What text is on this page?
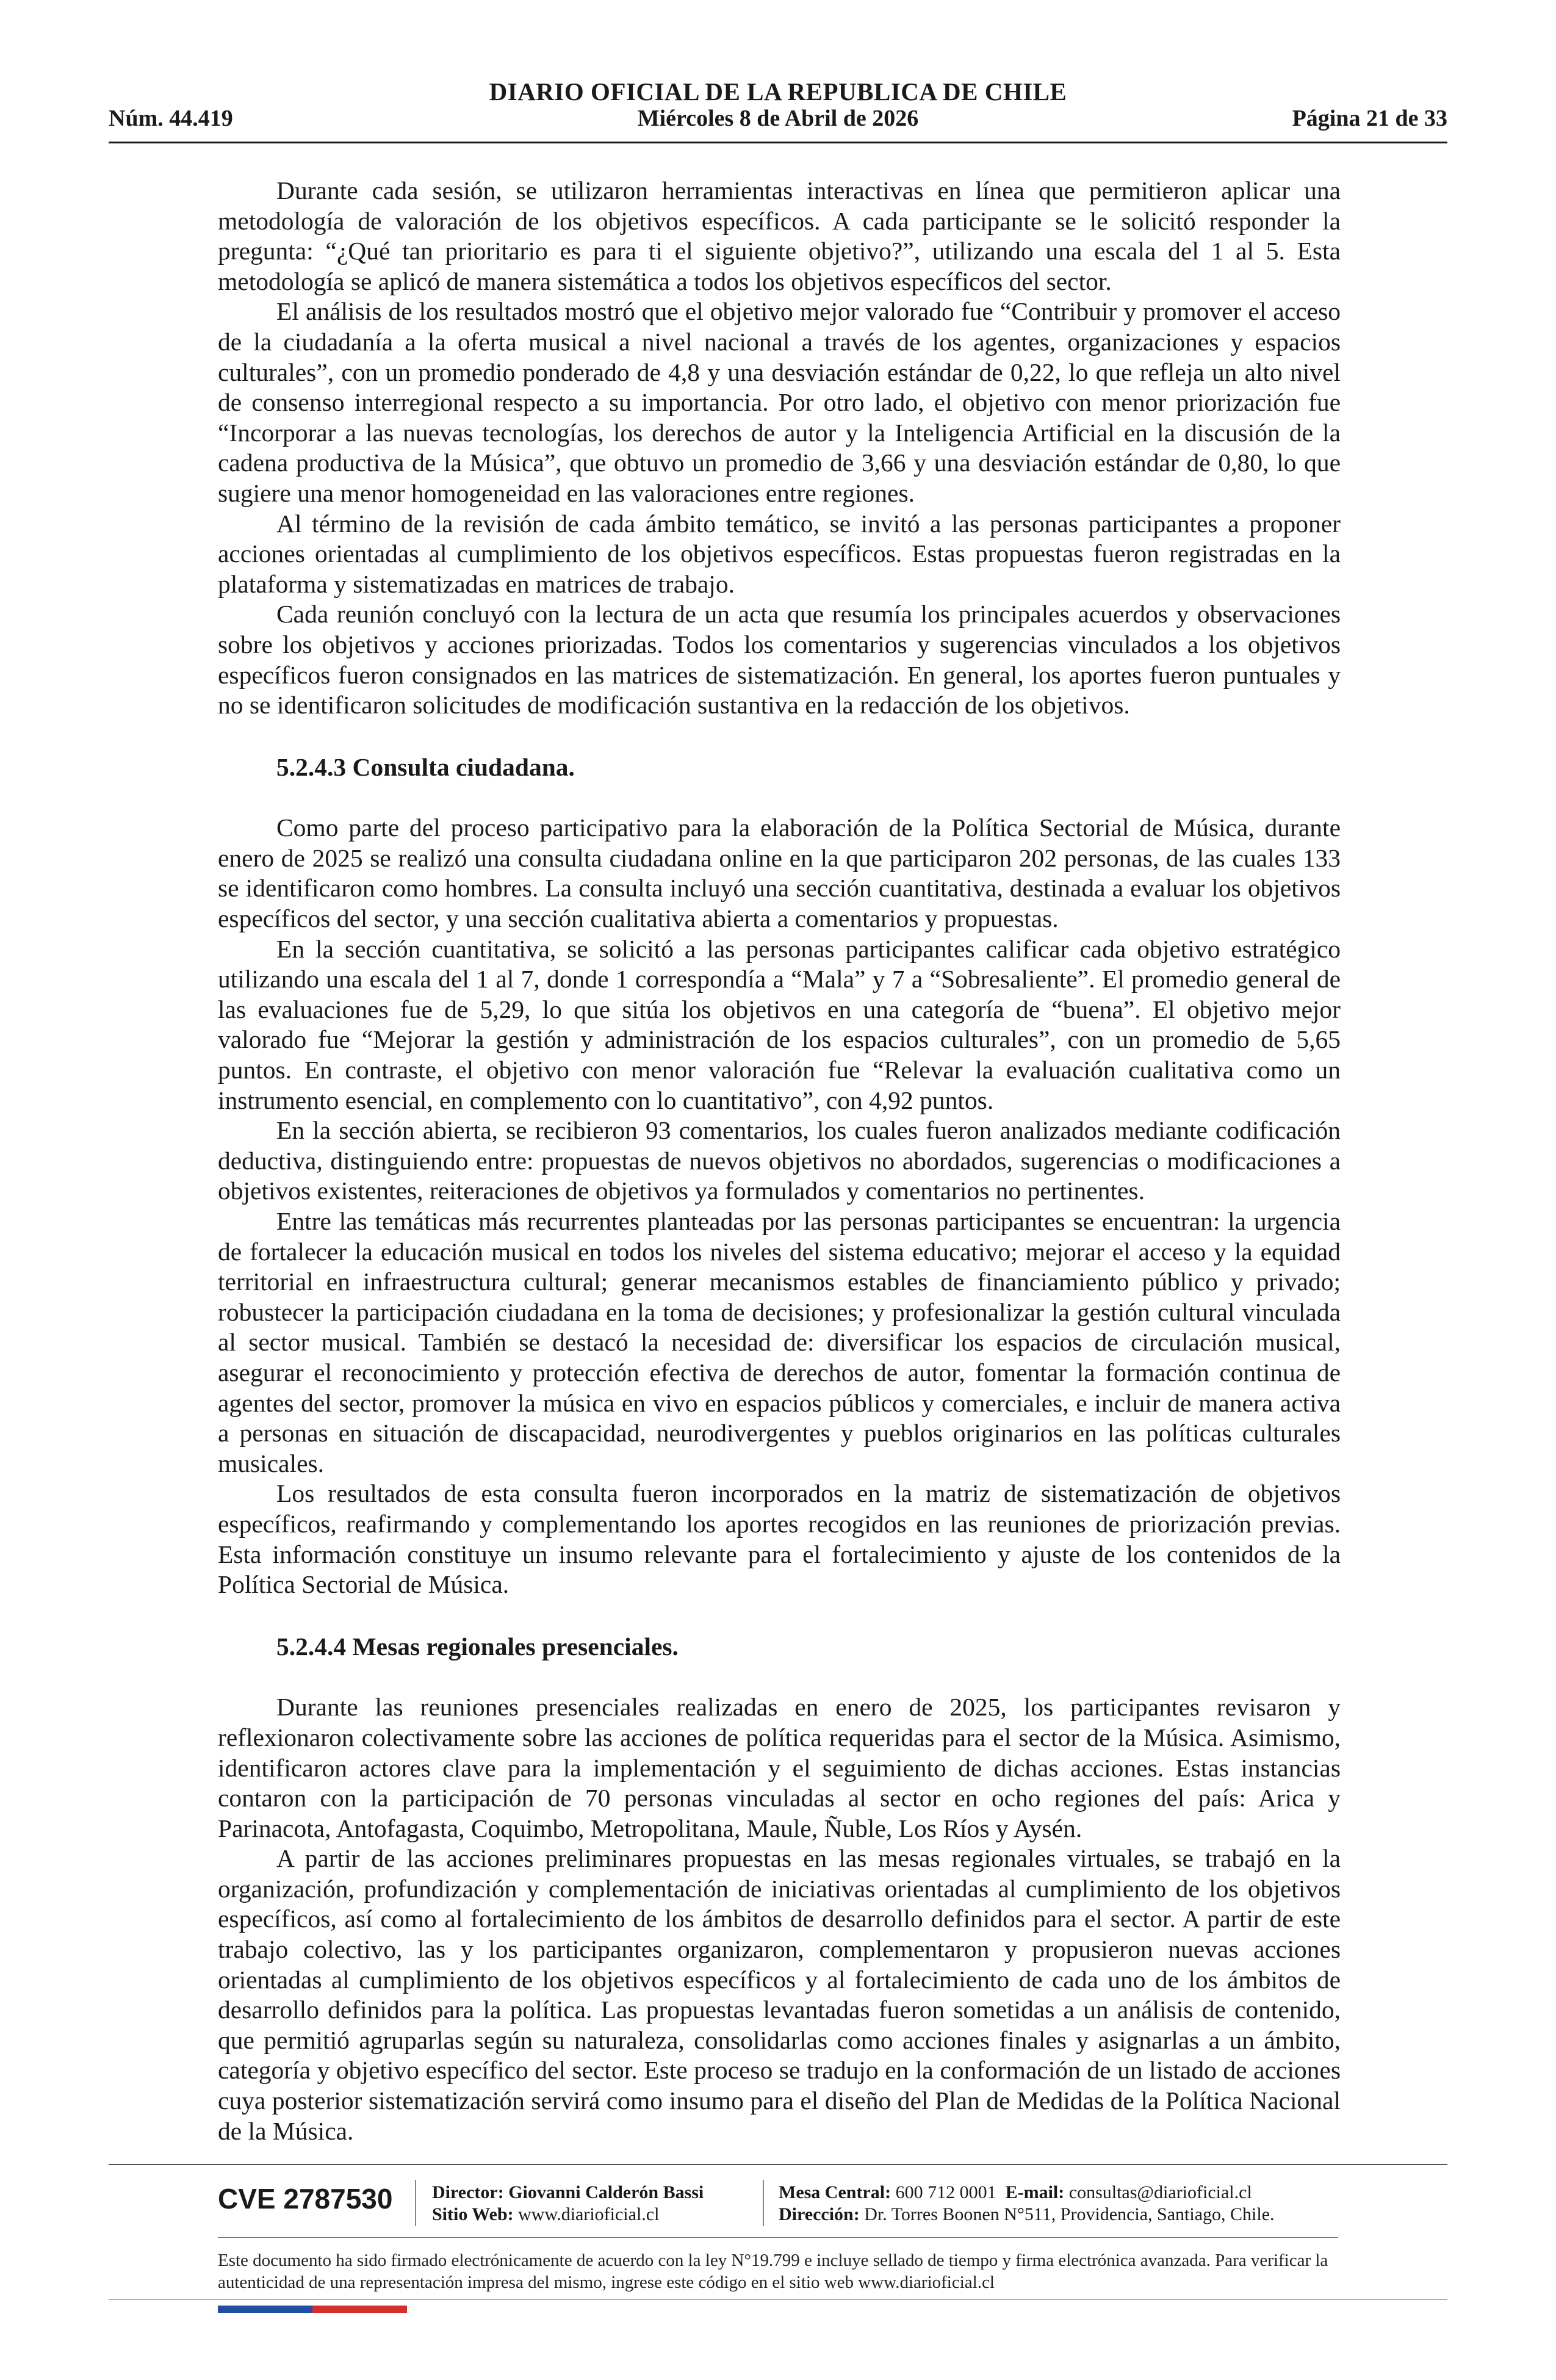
DIARIO OFICIAL DE LA REPUBLICA DE CHILE
Núm. 44.419	Miércoles 8 de Abril de 2026	Página 21 de 33

Durante cada sesión, se utilizaron herramientas interactivas en línea que permitieron aplicar una metodología de valoración de los objetivos específicos. A cada participante se le solicitó responder la pregunta: “¿Qué tan prioritario es para ti el siguiente objetivo?”, utilizando una escala del 1 al 5. Esta metodología se aplicó de manera sistemática a todos los objetivos específicos del sector.

El análisis de los resultados mostró que el objetivo mejor valorado fue “Contribuir y promover el acceso de la ciudadanía a la oferta musical a nivel nacional a través de los agentes, organizaciones y espacios culturales”, con un promedio ponderado de 4,8 y una desviación estándar de 0,22, lo que refleja un alto nivel de consenso interregional respecto a su importancia. Por otro lado, el objetivo con menor priorización fue “Incorporar a las nuevas tecnologías, los derechos de autor y la Inteligencia Artificial en la discusión de la cadena productiva de la Música”, que obtuvo un promedio de 3,66 y una desviación estándar de 0,80, lo que sugiere una menor homogeneidad en las valoraciones entre regiones.

Al término de la revisión de cada ámbito temático, se invitó a las personas participantes a proponer acciones orientadas al cumplimiento de los objetivos específicos. Estas propuestas fueron registradas en la plataforma y sistematizadas en matrices de trabajo.

Cada reunión concluyó con la lectura de un acta que resumía los principales acuerdos y observaciones sobre los objetivos y acciones priorizadas. Todos los comentarios y sugerencias vinculados a los objetivos específicos fueron consignados en las matrices de sistematización. En general, los aportes fueron puntuales y no se identificaron solicitudes de modificación sustantiva en la redacción de los objetivos.

5.2.4.3 Consulta ciudadana.

Como parte del proceso participativo para la elaboración de la Política Sectorial de Música, durante enero de 2025 se realizó una consulta ciudadana online en la que participaron 202 personas, de las cuales 133 se identificaron como hombres. La consulta incluyó una sección cuantitativa, destinada a evaluar los objetivos específicos del sector, y una sección cualitativa abierta a comentarios y propuestas.

En la sección cuantitativa, se solicitó a las personas participantes calificar cada objetivo estratégico utilizando una escala del 1 al 7, donde 1 correspondía a “Mala” y 7 a “Sobresaliente”. El promedio general de las evaluaciones fue de 5,29, lo que sitúa los objetivos en una categoría de “buena”. El objetivo mejor valorado fue “Mejorar la gestión y administración de los espacios culturales”, con un promedio de 5,65 puntos. En contraste, el objetivo con menor valoración fue “Relevar la evaluación cualitativa como un instrumento esencial, en complemento con lo cuantitativo”, con 4,92 puntos.

En la sección abierta, se recibieron 93 comentarios, los cuales fueron analizados mediante codificación deductiva, distinguiendo entre: propuestas de nuevos objetivos no abordados, sugerencias o modificaciones a objetivos existentes, reiteraciones de objetivos ya formulados y comentarios no pertinentes.

Entre las temáticas más recurrentes planteadas por las personas participantes se encuentran: la urgencia de fortalecer la educación musical en todos los niveles del sistema educativo; mejorar el acceso y la equidad territorial en infraestructura cultural; generar mecanismos estables de financiamiento público y privado; robustecer la participación ciudadana en la toma de decisiones; y profesionalizar la gestión cultural vinculada al sector musical. También se destacó la necesidad de: diversificar los espacios de circulación musical, asegurar el reconocimiento y protección efectiva de derechos de autor, fomentar la formación continua de agentes del sector, promover la música en vivo en espacios públicos y comerciales, e incluir de manera activa a personas en situación de discapacidad, neurodivergentes y pueblos originarios en las políticas culturales musicales.

Los resultados de esta consulta fueron incorporados en la matriz de sistematización de objetivos específicos, reafirmando y complementando los aportes recogidos en las reuniones de priorización previas. Esta información constituye un insumo relevante para el fortalecimiento y ajuste de los contenidos de la Política Sectorial de Música.

5.2.4.4 Mesas regionales presenciales.

Durante las reuniones presenciales realizadas en enero de 2025, los participantes revisaron y reflexionaron colectivamente sobre las acciones de política requeridas para el sector de la Música. Asimismo, identificaron actores clave para la implementación y el seguimiento de dichas acciones. Estas instancias contaron con la participación de 70 personas vinculadas al sector en ocho regiones del país: Arica y Parinacota, Antofagasta, Coquimbo, Metropolitana, Maule, Ñuble, Los Ríos y Aysén.

A partir de las acciones preliminares propuestas en las mesas regionales virtuales, se trabajó en la organización, profundización y complementación de iniciativas orientadas al cumplimiento de los objetivos específicos, así como al fortalecimiento de los ámbitos de desarrollo definidos para el sector. A partir de este trabajo colectivo, las y los participantes organizaron, complementaron y propusieron nuevas acciones orientadas al cumplimiento de los objetivos específicos y al fortalecimiento de cada uno de los ámbitos de desarrollo definidos para la política. Las propuestas levantadas fueron sometidas a un análisis de contenido, que permitió agruparlas según su naturaleza, consolidarlas como acciones finales y asignarlas a un ámbito, categoría y objetivo específico del sector. Este proceso se tradujo en la conformación de un listado de acciones cuya posterior sistematización servirá como insumo para el diseño del Plan de Medidas de la Política Nacional de la Música.

CVE 2787530 Director: Giovanni Calderón Bassi
Sitio Web: www.diarioficial.cl
Mesa Central: 600 712 0001 E-mail: consultas@diarioficial.cl
Dirección: Dr. Torres Boonen N°511, Providencia, Santiago, Chile.
Este documento ha sido firmado electrónicamente de acuerdo con la ley N°19.799 e incluye sellado de tiempo y firma electrónica avanzada. Para verificar la autenticidad de una representación impresa del mismo, ingrese este código en el sitio web www.diarioficial.cl
